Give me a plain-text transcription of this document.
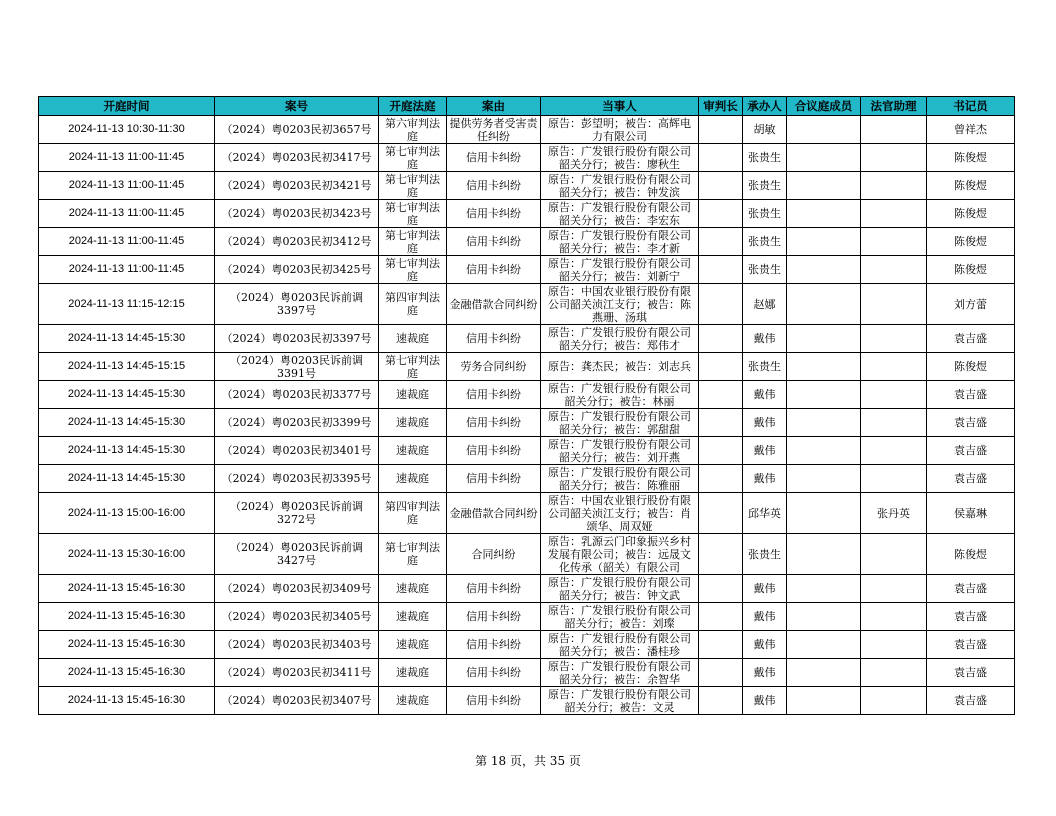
开庭时间	案号	开庭法庭	案由	当事人	审判长	承办人	合议庭成员	法官助理	书记员

2024-11-13 10:30-11:30	（2024）粤0203民初3657号	第六审判法庭	提供劳务者受害责任纠纷	原告：彭望明；被告：高辉电力有限公司		胡敏			曾祥杰

2024-11-13 11:00-11:45	（2024）粤0203民初3417号	第七审判法庭	信用卡纠纷	原告：广发银行股份有限公司韶关分行；被告：廖秋生		张贵生			陈俊煜

2024-11-13 11:00-11:45	（2024）粤0203民初3421号	第七审判法庭	信用卡纠纷	原告：广发银行股份有限公司韶关分行；被告：钟发滨		张贵生			陈俊煜

2024-11-13 11:00-11:45	（2024）粤0203民初3423号	第七审判法庭	信用卡纠纷	原告：广发银行股份有限公司韶关分行；被告：李宏东		张贵生			陈俊煜

2024-11-13 11:00-11:45	（2024）粤0203民初3412号	第七审判法庭	信用卡纠纷	原告：广发银行股份有限公司韶关分行；被告：李才新		张贵生			陈俊煜

2024-11-13 11:00-11:45	（2024）粤0203民初3425号	第七审判法庭	信用卡纠纷	原告：广发银行股份有限公司韶关分行；被告：刘新宁		张贵生			陈俊煜

2024-11-13 11:15-12:15	（2024）粤0203民诉前调3397号	第四审判法庭	金融借款合同纠纷	原告：中国农业银行股份有限公司韶关浈江支行；被告：陈燕珊、汤琪		赵娜			刘方蕾

2024-11-13 14:45-15:30	（2024）粤0203民初3397号	速裁庭	信用卡纠纷	原告：广发银行股份有限公司韶关分行；被告：郑伟才		戴伟			袁吉盛

2024-11-13 14:45-15:15	（2024）粤0203民诉前调3391号	第七审判法庭	劳务合同纠纷	原告：龚杰民；被告：刘志兵		张贵生			陈俊煜

2024-11-13 14:45-15:30	（2024）粤0203民初3377号	速裁庭	信用卡纠纷	原告：广发银行股份有限公司韶关分行；被告：林丽		戴伟			袁吉盛

2024-11-13 14:45-15:30	（2024）粤0203民初3399号	速裁庭	信用卡纠纷	原告：广发银行股份有限公司韶关分行；被告：郭甜甜		戴伟			袁吉盛

2024-11-13 14:45-15:30	（2024）粤0203民初3401号	速裁庭	信用卡纠纷	原告：广发银行股份有限公司韶关分行；被告：刘开燕		戴伟			袁吉盛

2024-11-13 14:45-15:30	（2024）粤0203民初3395号	速裁庭	信用卡纠纷	原告：广发银行股份有限公司韶关分行；被告：陈雅丽		戴伟			袁吉盛

2024-11-13 15:00-16:00	（2024）粤0203民诉前调3272号	第四审判法庭	金融借款合同纠纷	原告：中国农业银行股份有限公司韶关浈江支行；被告：肖颂华、周双娅		邱华英		张丹英	侯嘉琳

2024-11-13 15:30-16:00	（2024）粤0203民诉前调3427号	第七审判法庭	合同纠纷	原告：乳源云门印象振兴乡村发展有限公司；被告：远晟文化传承（韶关）有限公司		张贵生			陈俊煜

2024-11-13 15:45-16:30	（2024）粤0203民初3409号	速裁庭	信用卡纠纷	原告：广发银行股份有限公司韶关分行；被告：钟文武		戴伟			袁吉盛

2024-11-13 15:45-16:30	（2024）粤0203民初3405号	速裁庭	信用卡纠纷	原告：广发银行股份有限公司韶关分行；被告：刘璨		戴伟			袁吉盛

2024-11-13 15:45-16:30	（2024）粤0203民初3403号	速裁庭	信用卡纠纷	原告：广发银行股份有限公司韶关分行；被告：潘桂珍		戴伟			袁吉盛

2024-11-13 15:45-16:30	（2024）粤0203民初3411号	速裁庭	信用卡纠纷	原告：广发银行股份有限公司韶关分行；被告：余智华		戴伟			袁吉盛

2024-11-13 15:45-16:30	（2024）粤0203民初3407号	速裁庭	信用卡纠纷	原告：广发银行股份有限公司韶关分行；被告：文灵		戴伟			袁吉盛
第 18 页，共 35 页
